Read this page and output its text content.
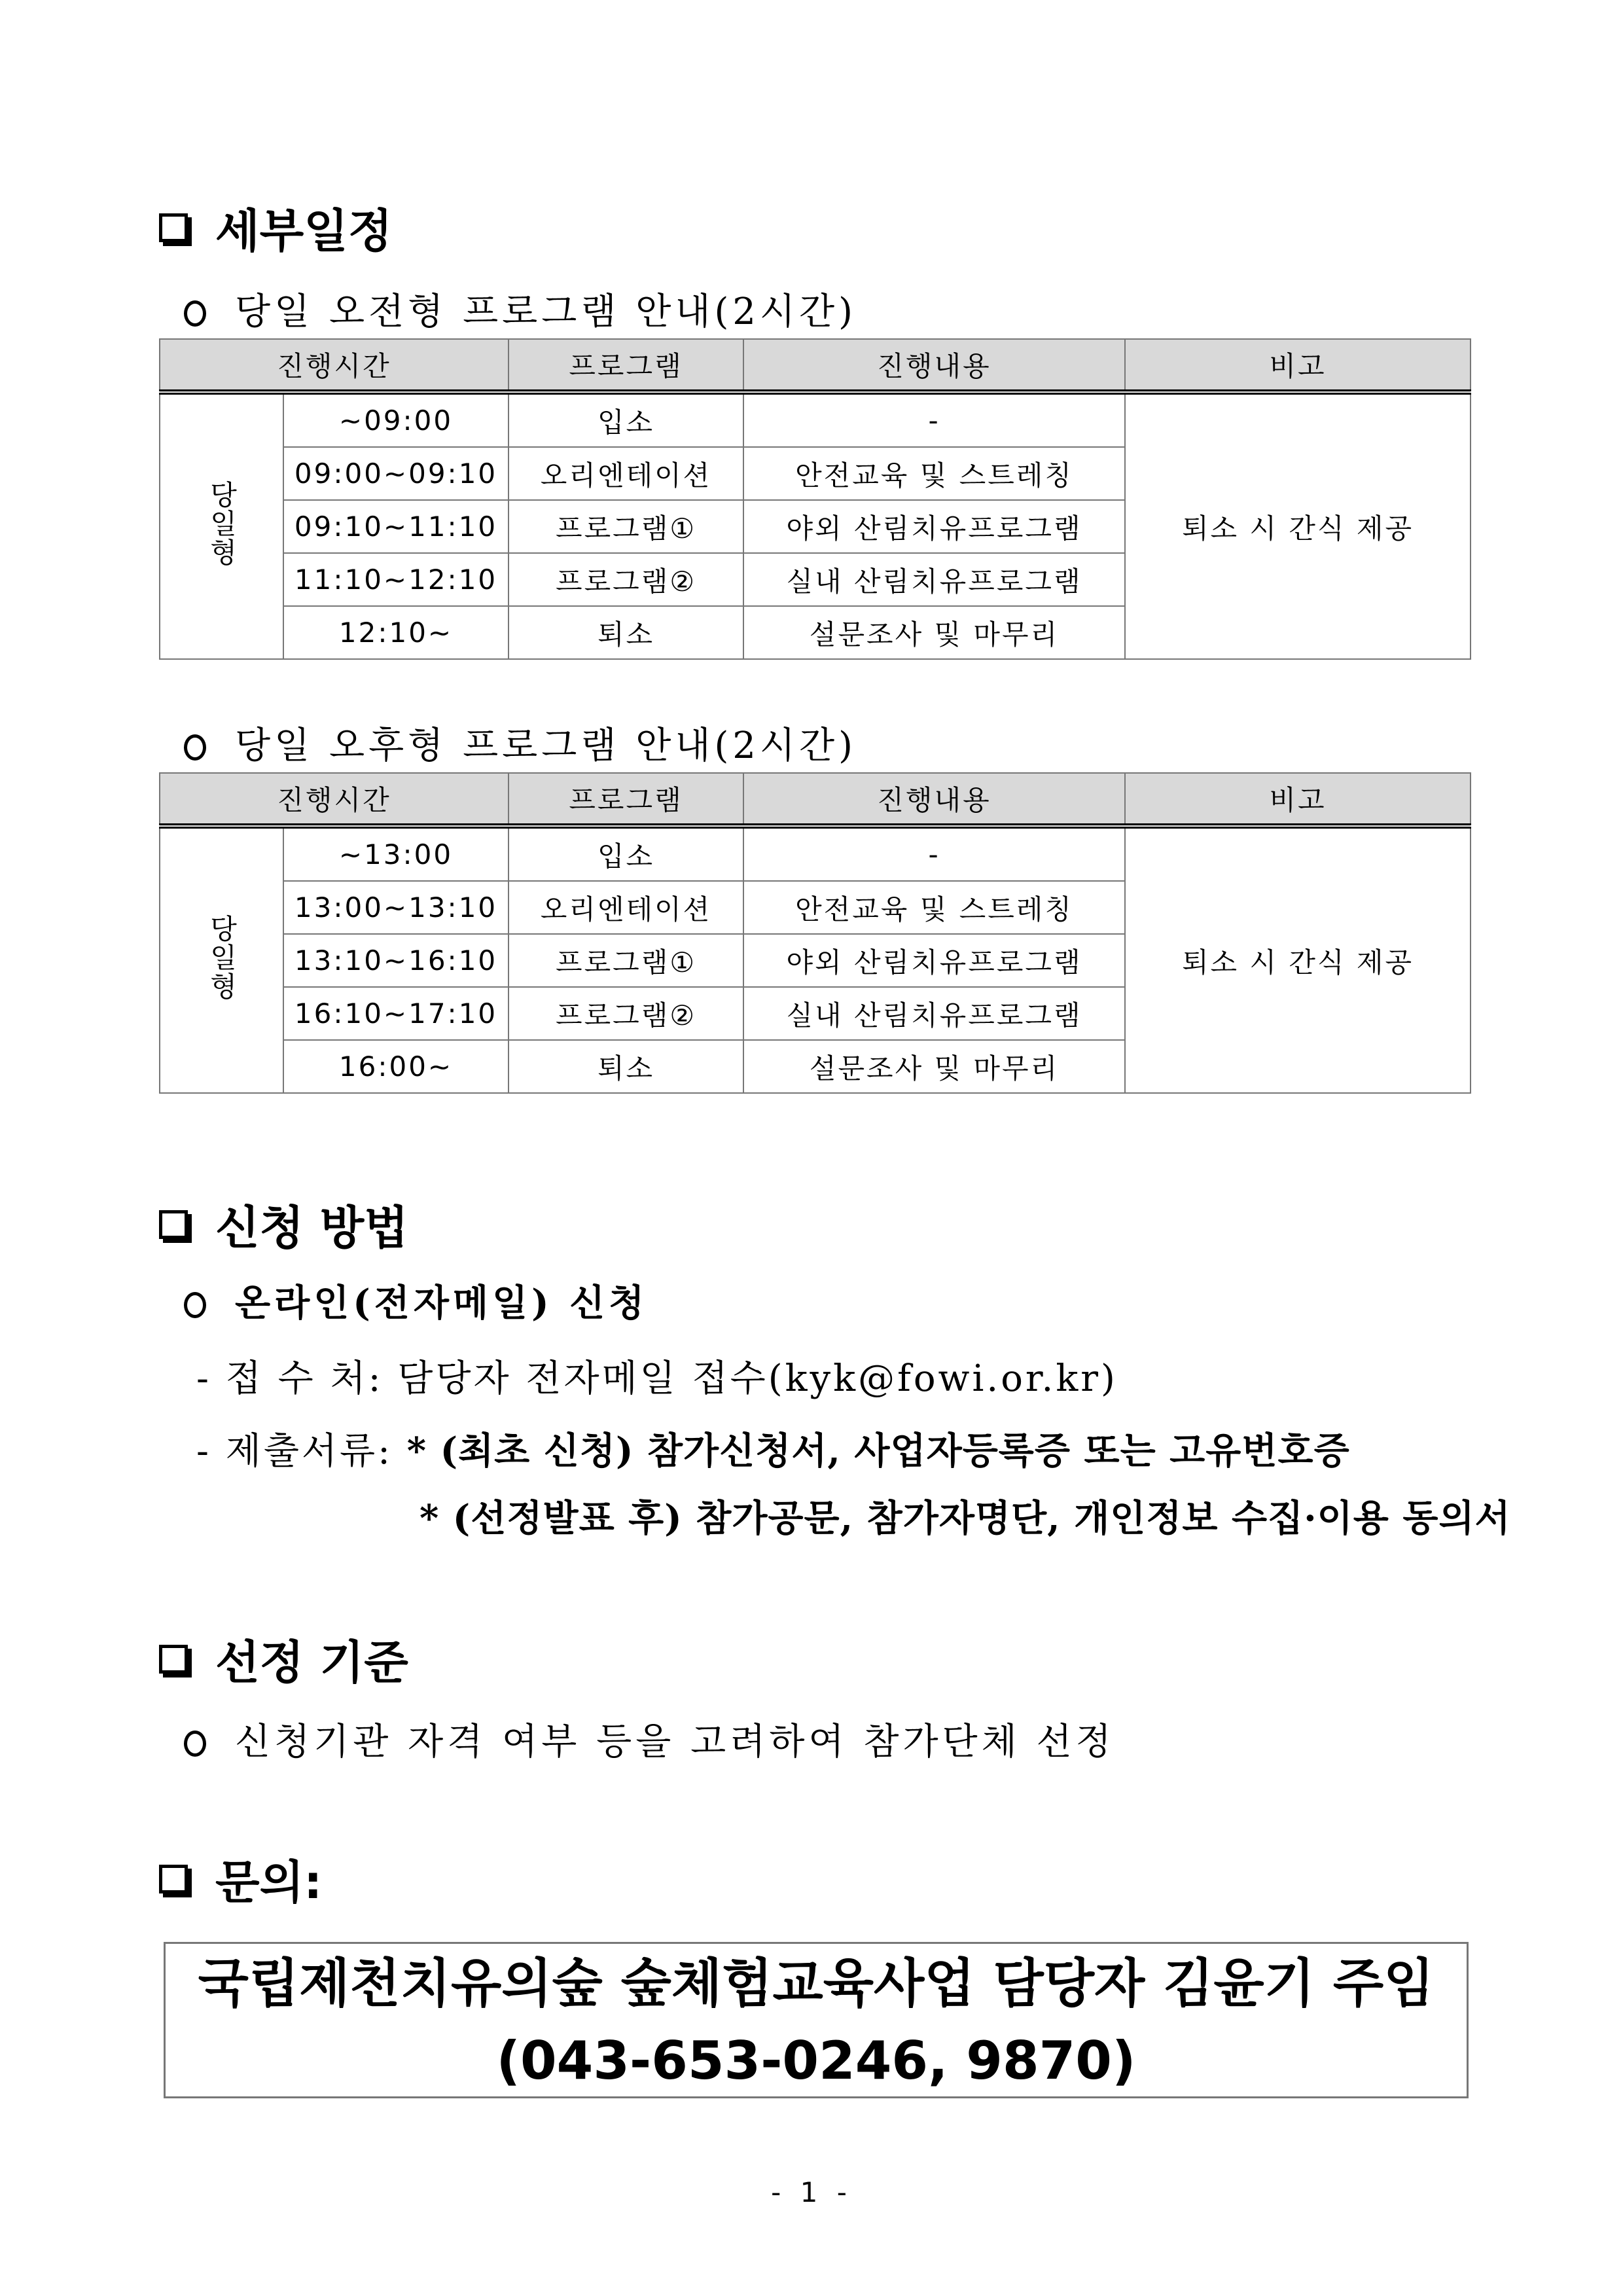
세부일정
당일 오전형 프로그램 안내(2시간)
진행시간		프로그램	진행내용	비고
당일형	~09:00	입소	-	퇴소 시 간식 제공
	09:00~09:10	오리엔테이션	안전교육 및 스트레칭	
	09:10~11:10	프로그램①	야외 산림치유프로그램	
	11:10~12:10	프로그램②	실내 산림치유프로그램	
	12:10~	퇴소	설문조사 및 마무리	
당일 오후형 프로그램 안내(2시간)
진행시간		프로그램	진행내용	비고
당일형	~13:00	입소	-	퇴소 시 간식 제공
	13:00~13:10	오리엔테이션	안전교육 및 스트레칭	
	13:10~16:10	프로그램①	야외 산림치유프로그램	
	16:10~17:10	프로그램②	실내 산림치유프로그램	
	16:00~	퇴소	설문조사 및 마무리	
신청 방법
온라인(전자메일) 신청
- 접 수 처: 담당자 전자메일 접수(kyk@fowi.or.kr)
- 제출서류: * (최초 신청) 참가신청서, 사업자등록증 또는 고유번호증
* (선정발표 후) 참가공문, 참가자명단, 개인정보 수집·이용 동의서
선정 기준
신청기관 자격 여부 등을 고려하여 참가단체 선정
문의:
국립제천치유의숲 숲체험교육사업 담당자 김윤기 주임
(043-653-0246, 9870)
- 1 -
